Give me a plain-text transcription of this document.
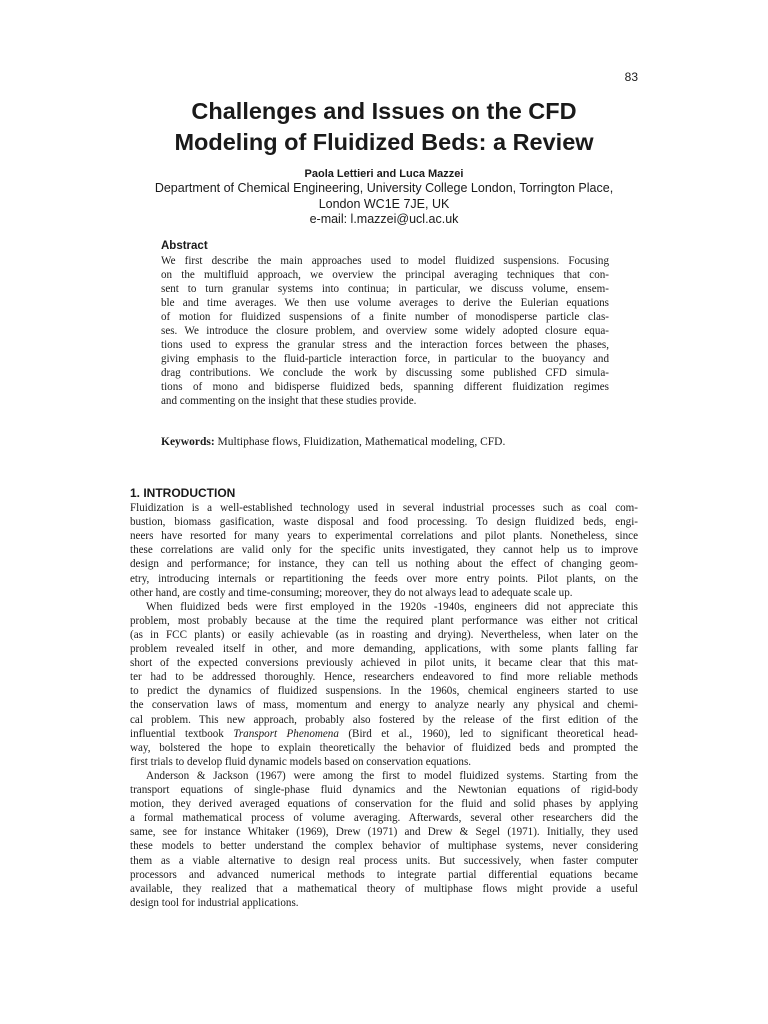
83
Challenges and Issues on the CFD
Modeling of Fluidized Beds: a Review
Paola Lettieri and Luca Mazzei
Department of Chemical Engineering, University College London, Torrington Place,
London WC1E 7JE, UK
e-mail: l.mazzei@ucl.ac.uk
Abstract
We first describe the main approaches used to model fluidized suspensions. Focusing
on the multifluid approach, we overview the principal averaging techniques that con-
sent to turn granular systems into continua; in particular, we discuss volume, ensem-
ble and time averages. We then use volume averages to derive the Eulerian equations
of motion for fluidized suspensions of a finite number of monodisperse particle clas-
ses. We introduce the closure problem, and overview some widely adopted closure equa-
tions used to express the granular stress and the interaction forces between the phases,
giving emphasis to the fluid-particle interaction force, in particular to the buoyancy and
drag contributions. We conclude the work by discussing some published CFD simula-
tions of mono and bidisperse fluidized beds, spanning different fluidization regimes
and commenting on the insight that these studies provide.
Keywords: Multiphase flows, Fluidization, Mathematical modeling, CFD.
1. INTRODUCTION
Fluidization is a well-established technology used in several industrial processes such as coal com-
bustion, biomass gasification, waste disposal and food processing. To design fluidized beds, engi-
neers have resorted for many years to experimental correlations and pilot plants. Nonetheless, since
these correlations are valid only for the specific units investigated, they cannot help us to improve
design and performance; for instance, they can tell us nothing about the effect of changing geom-
etry, introducing internals or repartitioning the feeds over more entry points. Pilot plants, on the
other hand, are costly and time-consuming; moreover, they do not always lead to adequate scale up.
When fluidized beds were first employed in the 1920s -1940s, engineers did not appreciate this
problem, most probably because at the time the required plant performance was either not critical
(as in FCC plants) or easily achievable (as in roasting and drying). Nevertheless, when later on the
problem revealed itself in other, and more demanding, applications, with some plants falling far
short of the expected conversions previously achieved in pilot units, it became clear that this mat-
ter had to be addressed thoroughly. Hence, researchers endeavored to find more reliable methods
to predict the dynamics of fluidized suspensions. In the 1960s, chemical engineers started to use
the conservation laws of mass, momentum and energy to analyze nearly any physical and chemi-
cal problem. This new approach, probably also fostered by the release of the first edition of the
influential textbook Transport Phenomena (Bird et al., 1960), led to significant theoretical head-
way, bolstered the hope to explain theoretically the behavior of fluidized beds and prompted the
first trials to develop fluid dynamic models based on conservation equations.
Anderson & Jackson (1967) were among the first to model fluidized systems. Starting from the
transport equations of single-phase fluid dynamics and the Newtonian equations of rigid-body
motion, they derived averaged equations of conservation for the fluid and solid phases by applying
a formal mathematical process of volume averaging. Afterwards, several other researchers did the
same, see for instance Whitaker (1969), Drew (1971) and Drew & Segel (1971). Initially, they used
these models to better understand the complex behavior of multiphase systems, never considering
them as a viable alternative to design real process units. But successively, when faster computer
processors and advanced numerical methods to integrate partial differential equations became
available, they realized that a mathematical theory of multiphase flows might provide a useful
design tool for industrial applications.
